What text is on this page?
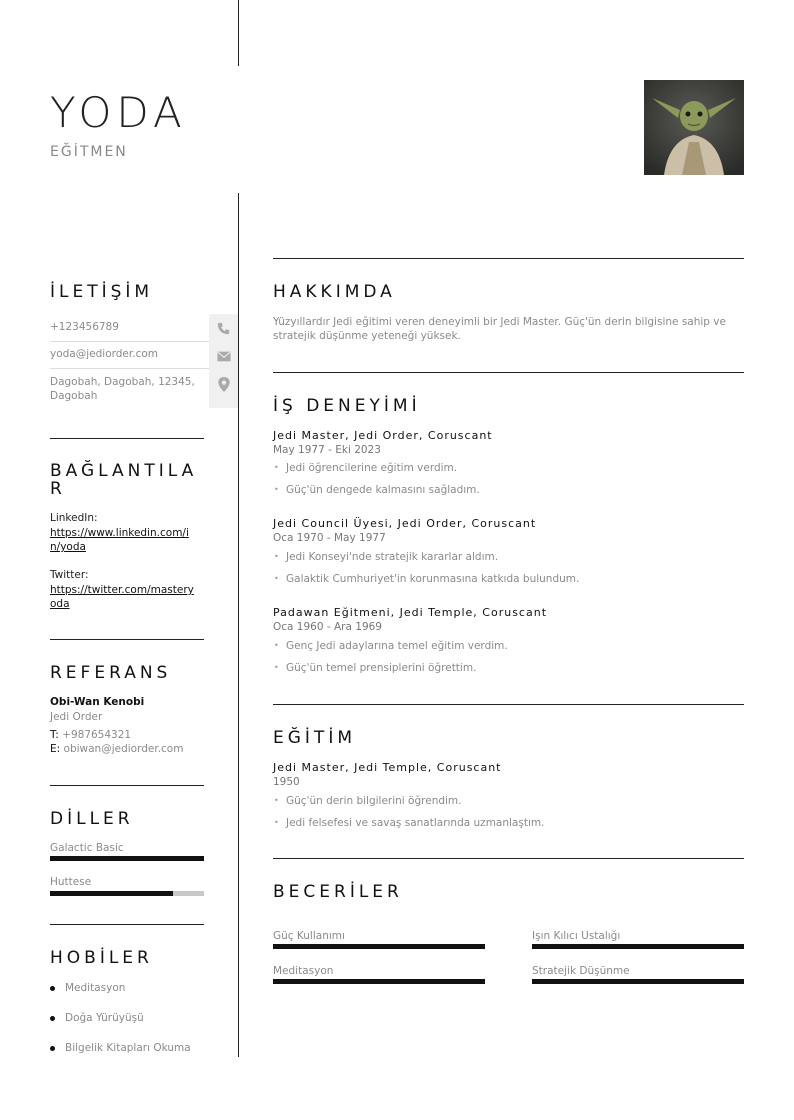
YODA
EĞİTMEN
İLETİŞİM
+123456789
yoda@jediorder.com
Dagobah, Dagobah, 12345, Dagobah
BAĞLANTILA
R
LinkedIn:
https://www.linkedin.com/i
n/yoda
Twitter:
https://twitter.com/mastery
oda
REFERANS
Obi-Wan Kenobi
Jedi Order
T: +987654321
E: obiwan@jediorder.com
DİLLER
Galactic Basic
Huttese
HOBİLER
Meditasyon
Doğa Yürüyüşü
Bilgelik Kitapları Okuma
HAKKIMDA
Yüzyıllardır Jedi eğitimi veren deneyimli bir Jedi Master. Güç'ün derin bilgisine sahip ve
stratejik düşünme yeteneği yüksek.
İŞ DENEYİMİ
Jedi Master, Jedi Order, Coruscant
May 1977 - Eki 2023
• Jedi öğrencilerine eğitim verdim.
• Güç'ün dengede kalmasını sağladım.
Jedi Council Üyesi, Jedi Order, Coruscant
Oca 1970 - May 1977
• Jedi Konseyi'nde stratejik kararlar aldım.
• Galaktik Cumhuriyet'in korunmasına katkıda bulundum.
Padawan Eğitmeni, Jedi Temple, Coruscant
Oca 1960 - Ara 1969
• Genç Jedi adaylarına temel eğitim verdim.
• Güç'ün temel prensiplerini öğrettim.
EĞİTİM
Jedi Master, Jedi Temple, Coruscant
1950
• Güç'ün derin bilgilerini öğrendim.
• Jedi felsefesi ve savaş sanatlarında uzmanlaştım.
BECERİLER
Güç Kullanımı	Işın Kılıcı Ustalığı
Meditasyon	Stratejik Düşünme
